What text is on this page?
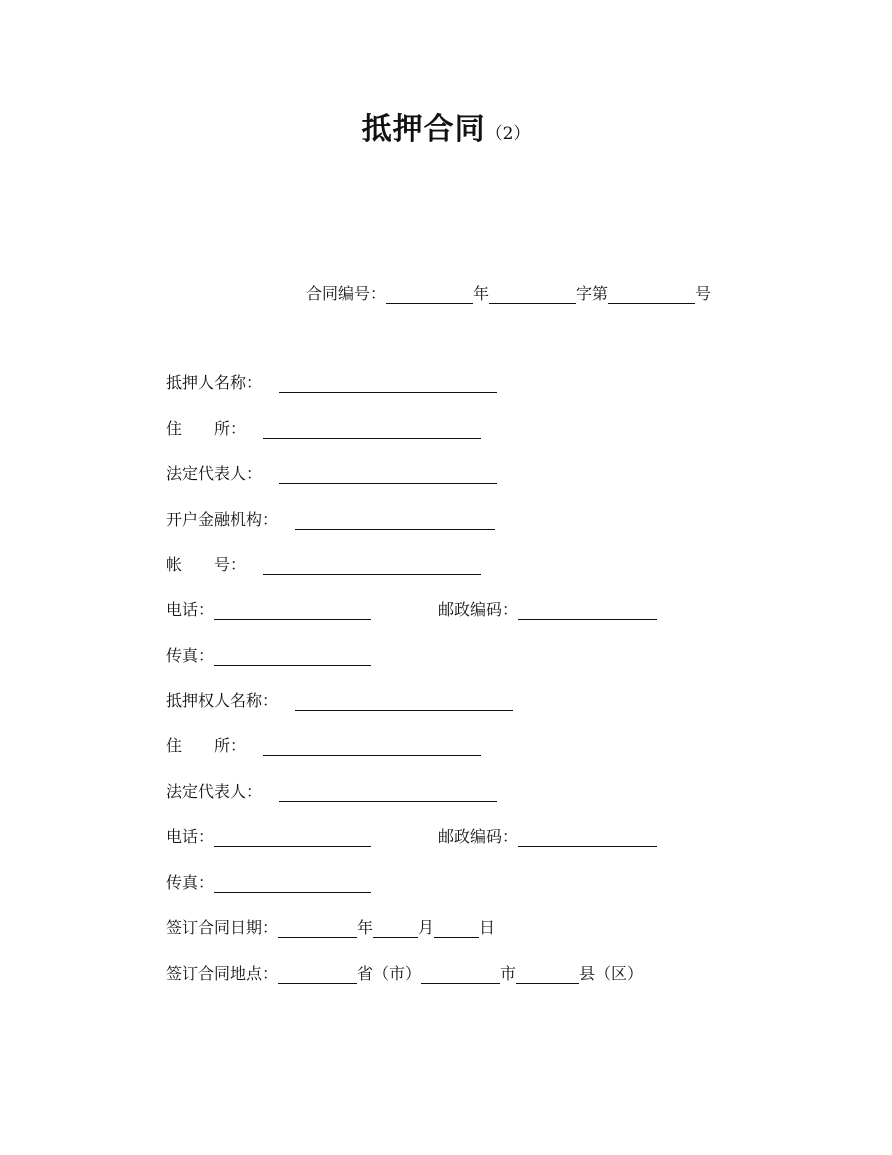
抵押合同（2）
合同编号：	年	字第	号
抵押人名称：
住　　所：
法定代表人：
开户金融机构：
帐　　号：
电话：	邮政编码：
传真：
抵押权人名称：
住　　所：
法定代表人：
电话：	邮政编码：
传真：
签订合同日期：	年	月	日
签订合同地点：	省（市）	市	县（区）
